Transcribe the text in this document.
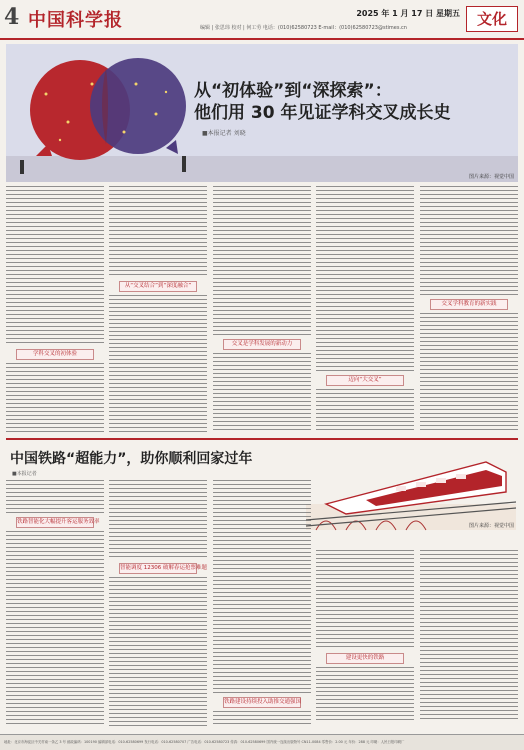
4 中国科学报	2025 年 1 月 17 日 星期五
编辑 | 张思玮 校对 | 何工劳 电话：(010)62580723 E-mail：(010)62580723@stimes.cn	文化
从“初体验”到“深探索”：
他们用 30 年见证学科交叉成长史
■本报记者 刘晓
图片来源：视觉中国
学科交叉的初体验
从“交叉结合”到“深度融合”
交叉是学科发展的新动力
迈向“大交叉”
交叉学科教育的新实践
中国铁路“超能力”，助你顺利回家过年
■本报记者
图片来源：视觉中国
铁路智能化大幅提升客运服务效率
智能调度 12306 破解春运抢票难题
铁路建设持续投入助推交通强国
建设更快的铁路
地址：北京市海淀区中关村南一条乙 3 号 邮政编码：100190 编辑部电话：010-62580699 发行电话：010-62580707 广告电话：010-62580723 传真：010-62580699 国内统一连续出版物号 CN11-0084 零售价：2.00 元 年价：288 元 印刷：人民日报印刷厂
